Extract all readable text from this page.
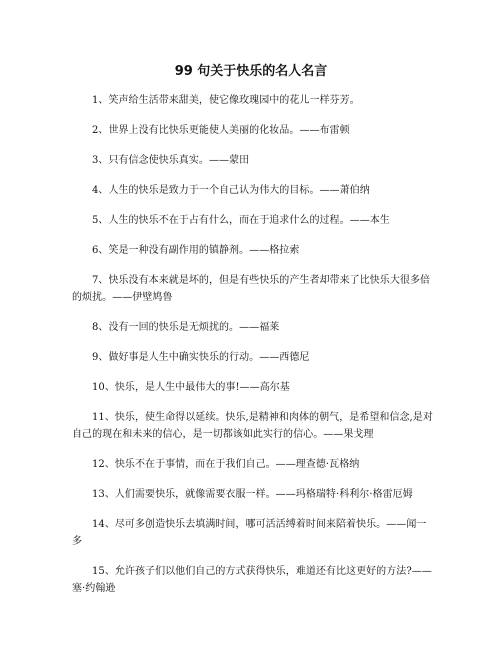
99 句关于快乐的名人名言
1、笑声给生活带来甜美，使它像玫瑰园中的花儿一样芬芳。
2、世界上没有比快乐更能使人美丽的化妆品。——布雷顿
3、只有信念使快乐真实。——蒙田
4、人生的快乐是致力于一个自己认为伟大的目标。——萧伯纳
5、人生的快乐不在于占有什么，而在于追求什么的过程。——本生
6、笑是一种没有副作用的镇静剂。——格拉索
7、快乐没有本来就是坏的，但是有些快乐的产生者却带来了比快乐大很多倍的烦扰。——伊壁鸠鲁
8、没有一回的快乐是无烦扰的。——福莱
9、做好事是人生中确实快乐的行动。——西德尼
10、快乐，是人生中最伟大的事!——高尔基
11、快乐，使生命得以延续。快乐,是精神和肉体的朝气，是希望和信念,是对自己的现在和未来的信心，是一切都该如此实行的信心。——果戈理
12、快乐不在于事情，而在于我们自己。——理查德·瓦格纳
13、人们需要快乐，就像需要衣服一样。——玛格瑞特·科利尔·格雷厄姆
14、尽可多创造快乐去填满时间，哪可活活缚着时间来陪着快乐。——闻一多
15、允许孩子们以他们自己的方式获得快乐，难道还有比这更好的方法?——塞·约翰逊
